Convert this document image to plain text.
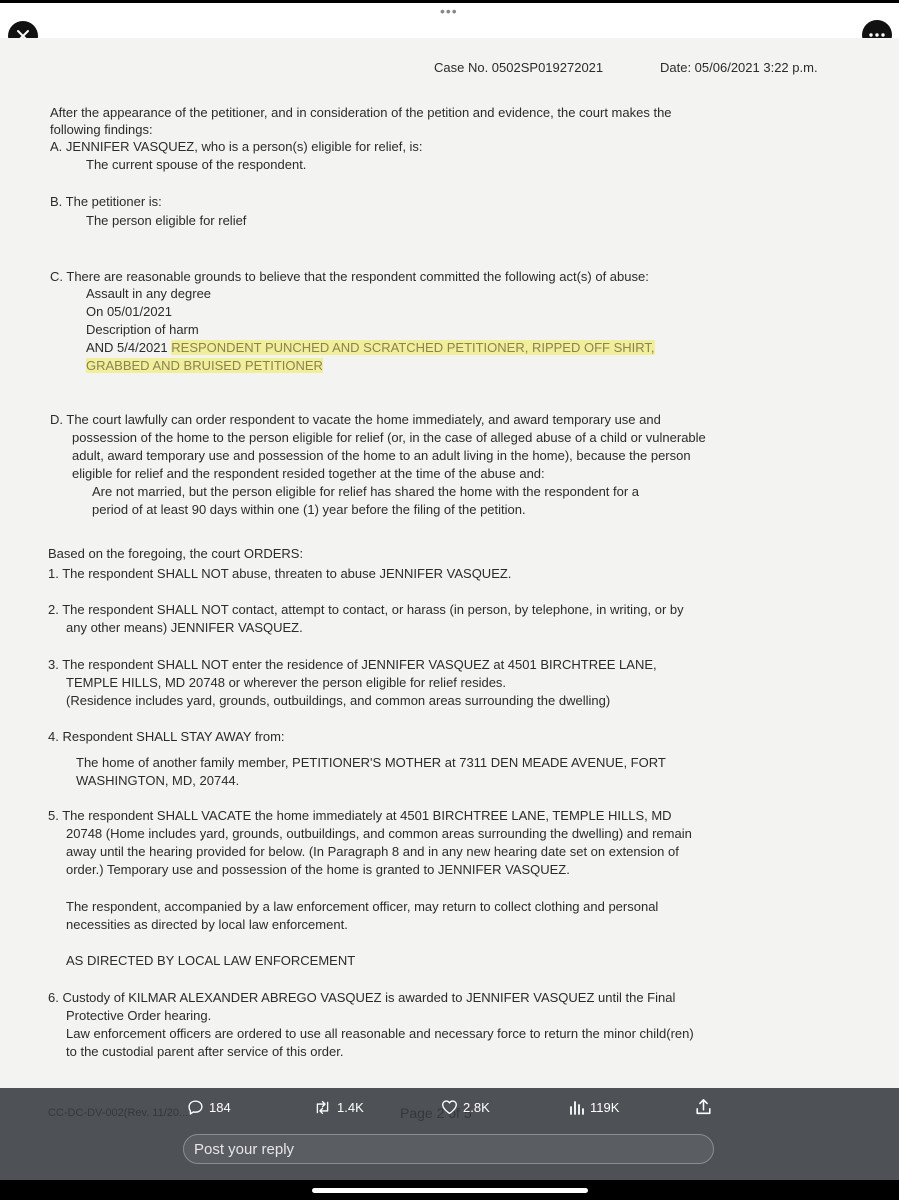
•••
Case No. 0502SP019272021	Date: 05/06/2021 3:22 p.m.
After the appearance of the petitioner, and in consideration of the petition and evidence, the court makes the
following findings:
A. JENNIFER VASQUEZ, who is a person(s) eligible for relief, is:
The current spouse of the respondent.
B. The petitioner is:
The person eligible for relief
C. There are reasonable grounds to believe that the respondent committed the following act(s) of abuse:
Assault in any degree
On 05/01/2021
Description of harm
AND 5/4/2021 RESPONDENT PUNCHED AND SCRATCHED PETITIONER, RIPPED OFF SHIRT,
GRABBED AND BRUISED PETITIONER
D. The court lawfully can order respondent to vacate the home immediately, and award temporary use and
possession of the home to the person eligible for relief (or, in the case of alleged abuse of a child or vulnerable
adult, award temporary use and possession of the home to an adult living in the home), because the person
eligible for relief and the respondent resided together at the time of the abuse and:
Are not married, but the person eligible for relief has shared the home with the respondent for a
period of at least 90 days within one (1) year before the filing of the petition.
Based on the foregoing, the court ORDERS:
1. The respondent SHALL NOT abuse, threaten to abuse JENNIFER VASQUEZ.
2. The respondent SHALL NOT contact, attempt to contact, or harass (in person, by telephone, in writing, or by
any other means) JENNIFER VASQUEZ.
3. The respondent SHALL NOT enter the residence of JENNIFER VASQUEZ at 4501 BIRCHTREE LANE,
TEMPLE HILLS, MD 20748 or wherever the person eligible for relief resides.
(Residence includes yard, grounds, outbuildings, and common areas surrounding the dwelling)
4. Respondent SHALL STAY AWAY from:
The home of another family member, PETITIONER'S MOTHER at 7311 DEN MEADE AVENUE, FORT
WASHINGTON, MD, 20744.
5. The respondent SHALL VACATE the home immediately at 4501 BIRCHTREE LANE, TEMPLE HILLS, MD
20748 (Home includes yard, grounds, outbuildings, and common areas surrounding the dwelling) and remain
away until the hearing provided for below. (In Paragraph 8 and in any new hearing date set on extension of
order.) Temporary use and possession of the home is granted to JENNIFER VASQUEZ.
The respondent, accompanied by a law enforcement officer, may return to collect clothing and personal
necessities as directed by local law enforcement.
AS DIRECTED BY LOCAL LAW ENFORCEMENT
6. Custody of KILMAR ALEXANDER ABREGO VASQUEZ is awarded to JENNIFER VASQUEZ until the Final
Protective Order hearing.
Law enforcement officers are ordered to use all reasonable and necessary force to return the minor child(ren)
to the custodial parent after service of this order.
CC-DC-DV-002(Rev. 11/20...	Page 2 of 5
184	1.4K	2.8K	119K
Post your reply
